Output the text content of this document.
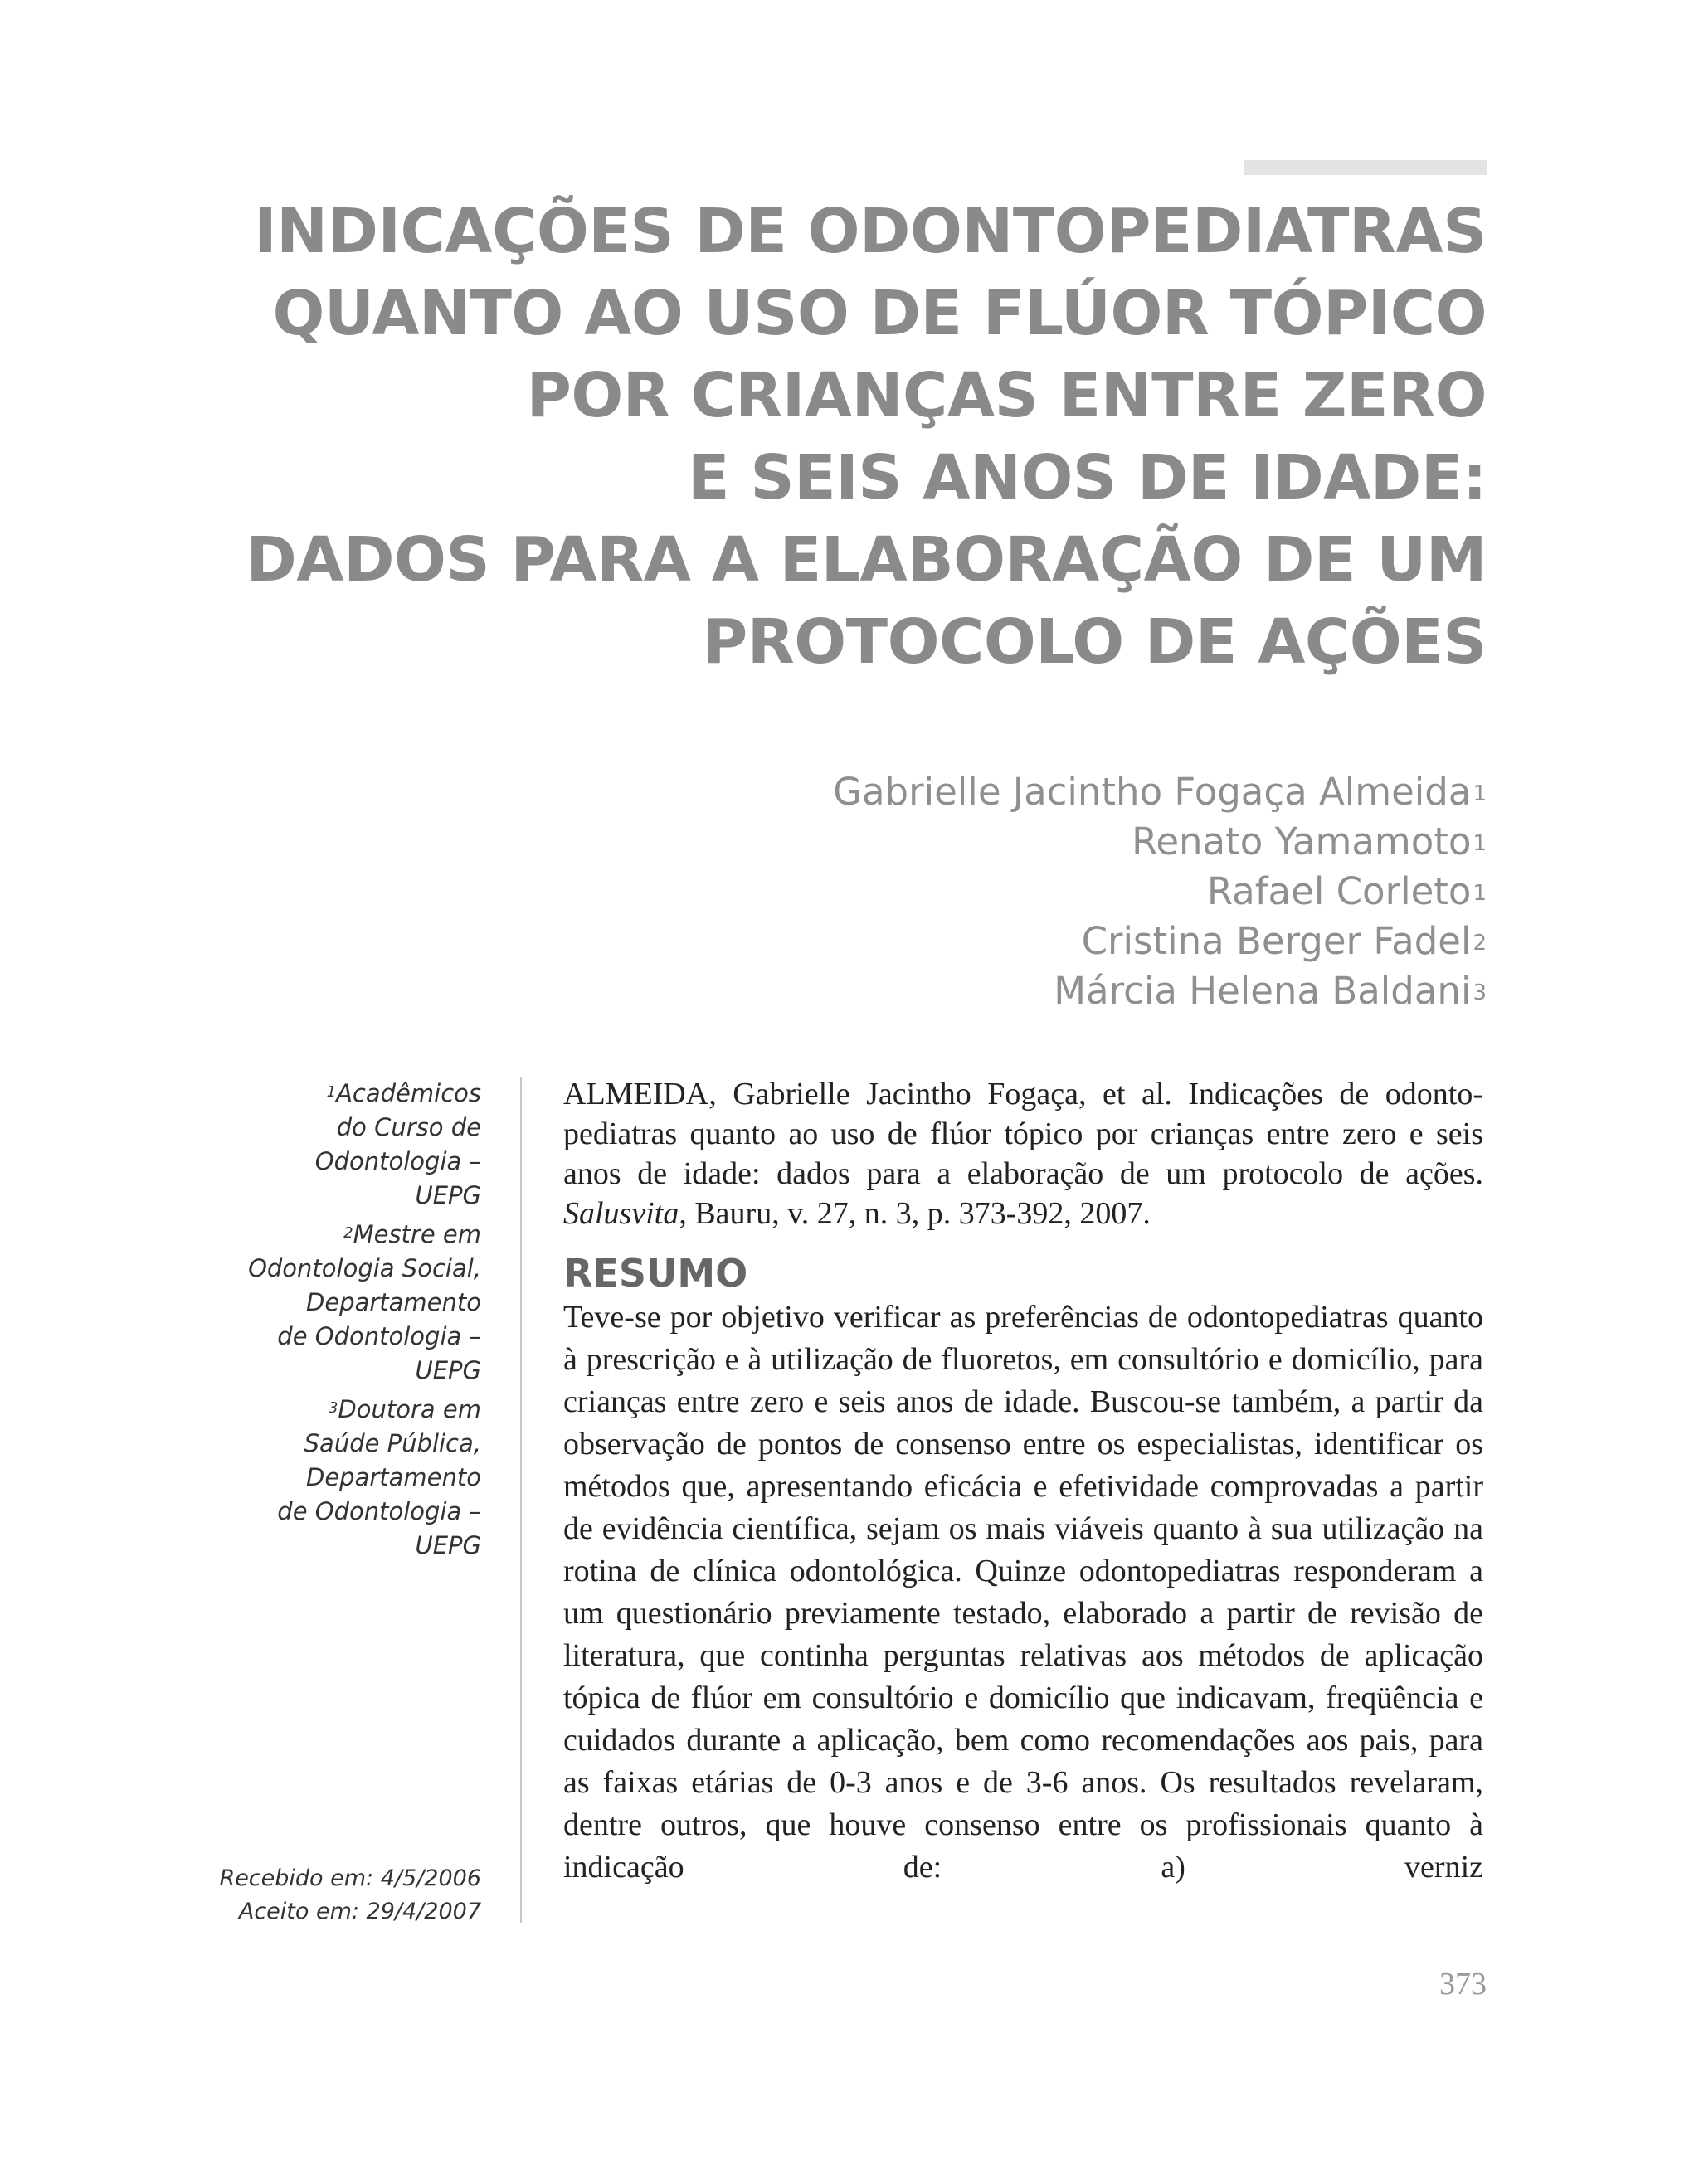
INDICAÇÕES DE ODONTOPEDIATRAS
QUANTO AO USO DE FLÚOR TÓPICO
POR CRIANÇAS ENTRE ZERO
E SEIS ANOS DE IDADE:
DADOS PARA A ELABORAÇÃO DE UM
PROTOCOLO DE AÇÕES
Gabrielle Jacintho Fogaça Almeida$^1$
Renato Yamamoto$^1$
Rafael Corleto$^1$
Cristina Berger Fadel$^2$
Márcia Helena Baldani$^3$
$^1$Acadêmicos
do Curso de
Odontologia –
UEPG
$^2$Mestre em
Odontologia Social,
Departamento
de Odontologia –
UEPG
$^3$Doutora em
Saúde Pública,
Departamento
de Odontologia –
UEPG
Recebido em: 4/5/2006
Aceito em: 29/4/2007

ALMEIDA, Gabrielle Jacintho Fogaça, et al. Indicações de odonto-pediatras quanto ao uso de flúor tópico por crianças entre zero e seis anos de idade: dados para a elaboração de um protocolo de ações. Salusvita, Bauru, v. 27, n. 3, p. 373-392, 2007.

RESUMO

Teve-se por objetivo verificar as preferências de odontopediatras quanto à prescrição e à utilização de fluoretos, em consultório e domicílio, para crianças entre zero e seis anos de idade. Buscou-se também, a partir da observação de pontos de consenso entre os especialistas, identificar os métodos que, apresentando eficácia e efetividade comprovadas a partir de evidência científica, sejam os mais viáveis quanto à sua utilização na rotina de clínica odontológica. Quinze odontopediatras responderam a um questionário previamente testado, elaborado a partir de revisão de literatura, que continha perguntas relativas aos métodos de aplicação tópica de flúor em consultório e domicílio que indicavam, freqüência e cuidados durante a aplicação, bem como recomendações aos pais, para as faixas etárias de 0-3 anos e de 3-6 anos. Os resultados revelaram, dentre outros, que houve consenso entre os profissionais quanto à indicação de: a) verniz

373
